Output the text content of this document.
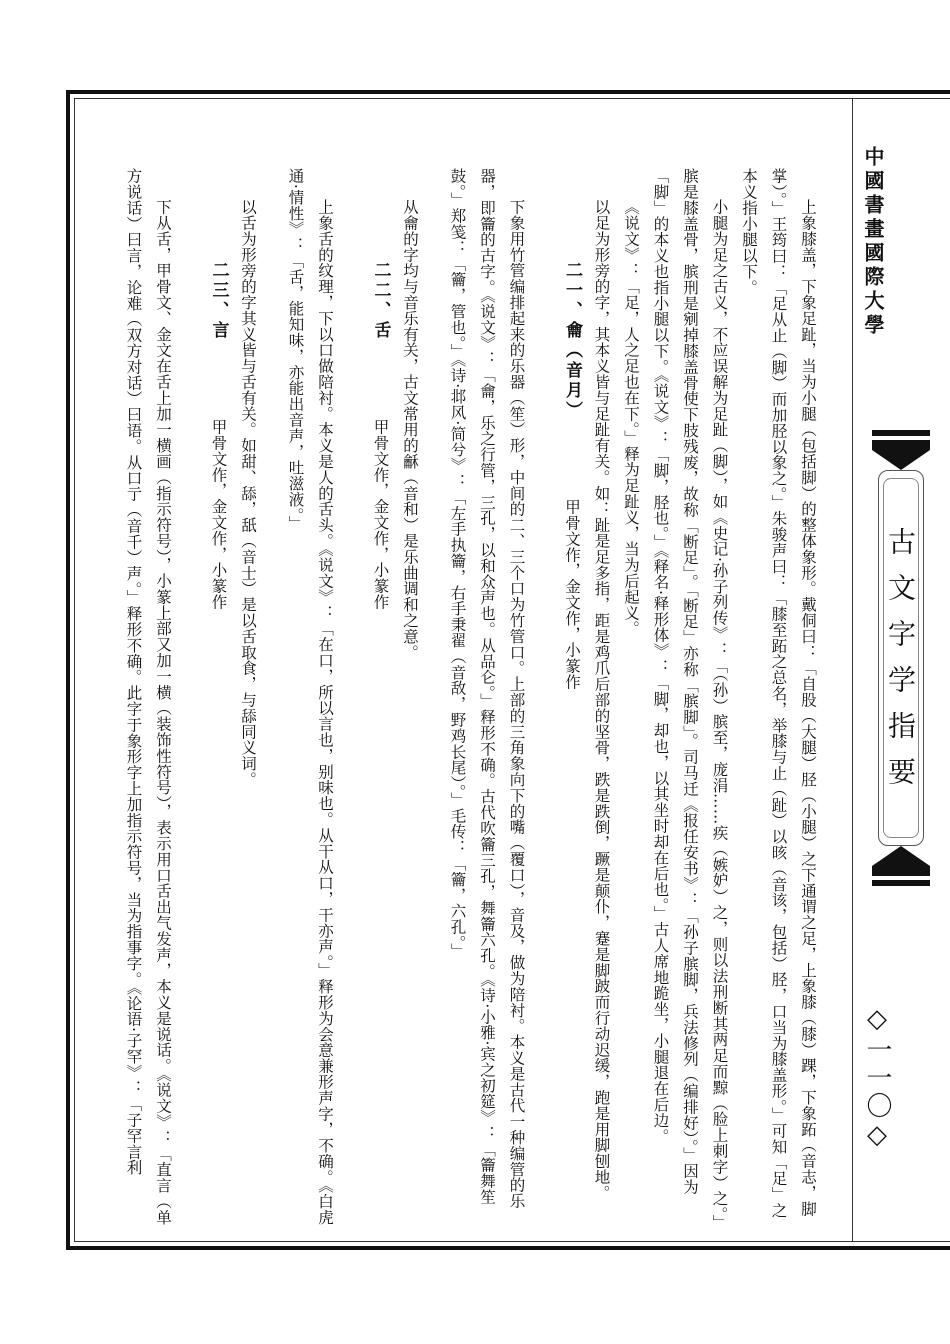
中國書畫國際大學
古文字学指要
◇一一〇◇

上象膝盖，下象足趾，当为小腿（包括脚）的整体象形。戴侗曰：「自股（大腿）胫（小腿）之下通谓之足，上象膝（膝）踝，下象跖（音志，脚掌）。」王筠曰：「足从止（脚）而加胫以象之。」朱骏声曰：「膝至跖之总名，举膝与止（趾）以晐（音该，包括）胫，口当为膝盖形。」可知「足」之本义指小腿以下。

小腿为足之古义，不应误解为足趾（脚），如《史记·孙子列传》：「（孙）膑至，庞涓……疾（嫉妒）之，则以法刑断其两足而黥（脸上刺字）之。」膑是膝盖骨，膑刑是剜掉膝盖骨使下肢残废，故称「断足」。「断足」亦称「膑脚」。司马迁《报任安书》：「孙子膑脚，兵法修列（编排好）。」因为「脚」的本义也指小腿以下。《说文》：「脚，胫也。」《释名·释形体》：「脚，却也，以其坐时却在后也。」古人席地跪坐，小腿退在后边。

《说文》：「足，人之足也在下。」释为足趾义，当为后起义。

以足为形旁的字，其本义皆与足趾有关。如：趾是足多指，距是鸡爪后部的坚骨，跌是跌倒，蹶是颠仆，蹇是脚跛而行动迟缓，跑是用脚刨地。

二一、龠（音月）甲骨文作，金文作，小篆作

下象用竹管编排起来的乐器（笙）形，中间的二、三个口为竹管口。上部的三角象向下的嘴（覆口），音及，做为陪衬。本义是古代一种编管的乐器，即籥的古字。《说文》：「龠，乐之行管，三孔，以和众声也。从品仑。」释形不确。古代吹籥三孔，舞籥六孔。《诗·小雅·宾之初筵》：「籥舞笙鼓。」郑笺：「籥，管也。」《诗·邶风·简兮》：「左手执籥，右手秉翟（音敌，野鸡长尾）。」毛传：「籥，六孔。」

从龠的字均与音乐有关，古文常用的龢（音和）是乐曲调和之意。

二二、舌甲骨文作，金文作，小篆作

上象舌的纹理，下以口做陪衬。本义是人的舌头。《说文》：「在口，所以言也，别味也。从干从口，干亦声。」释形为会意兼形声字，不确。《白虎通·情性》：「舌，能知味，亦能出音声，吐滋液。」

以舌为形旁的字其义皆与舌有关。如甜、舔，舐（音士）是以舌取食，与舔同义词。

二三、言甲骨文作，金文作，小篆作

下从舌，甲骨文、金文在舌上加一横画（指示符号），小篆上部又加一横（装饰性符号），表示用口舌出气发声，本义是说话。《说文》：「直言（单方说话）曰言，论难（双方对话）曰语。从口亍（音千）声。」释形不确。此字于象形字上加指示符号，当为指事字。《论语·子罕》：「子罕言利
